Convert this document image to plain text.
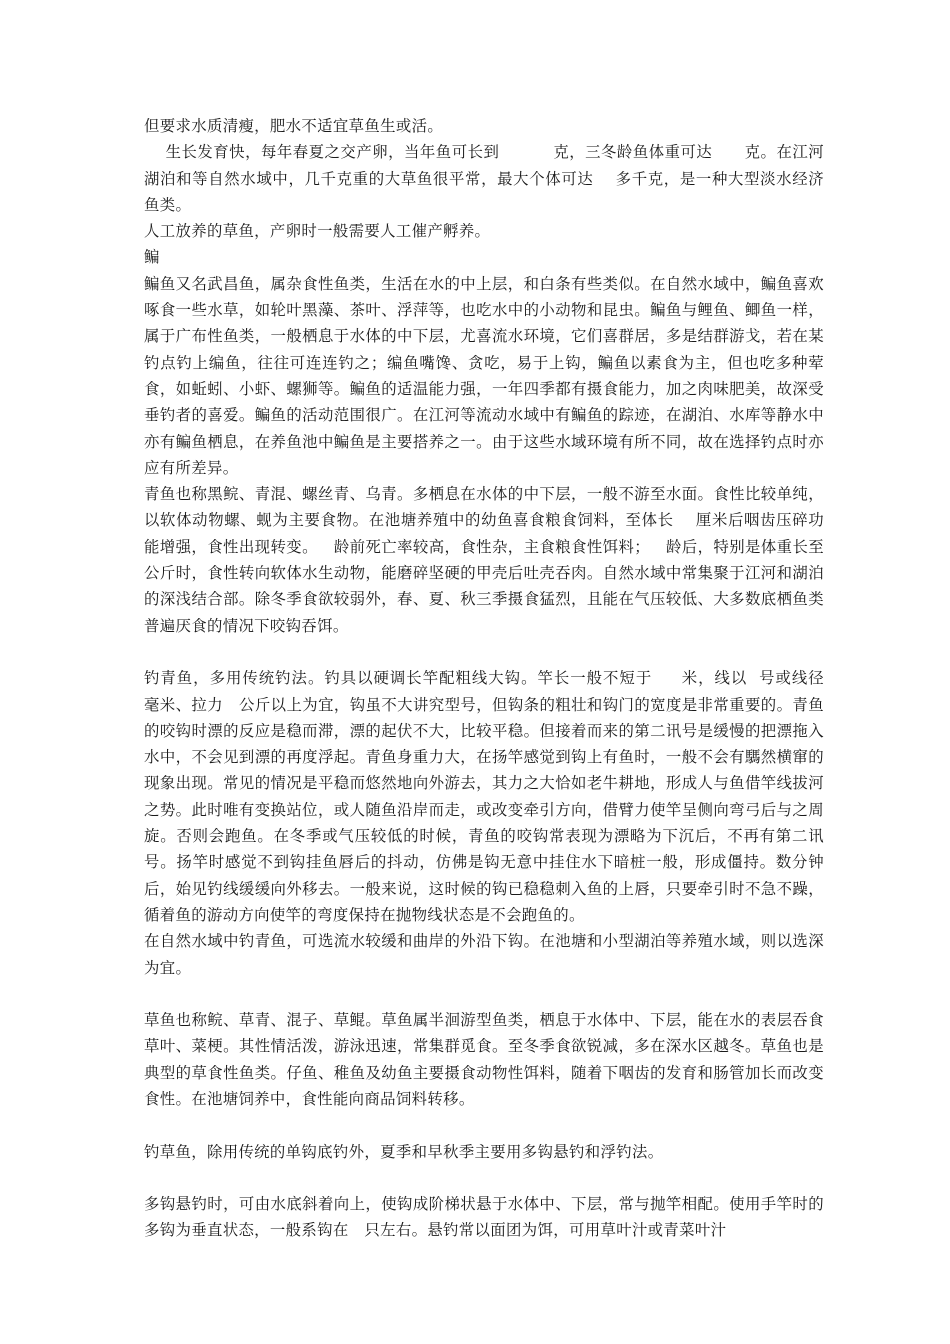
但要求水质清瘦，肥水不适宜草鱼生或活。

生长发育快，每年春夏之交产卵，当年鱼可长到          克，三冬龄鱼体重可达      克。在江河湖泊和等自然水域中，几千克重的大草鱼很平常，最大个体可达    多千克，是一种大型淡水经济鱼类。

人工放养的草鱼，产卵时一般需要人工催产孵养。

鳊

鳊鱼又名武昌鱼，属杂食性鱼类，生活在水的中上层，和白条有些类似。在自然水域中，鳊鱼喜欢啄食一些水草，如轮叶黑藻、茶叶、浮萍等，也吃水中的小动物和昆虫。鳊鱼与鲤鱼、鲫鱼一样，属于广布性鱼类，一般栖息于水体的中下层，尤喜流水环境，它们喜群居，多是结群游戈，若在某钓点钓上编鱼，往往可连连钓之；编鱼嘴馋、贪吃，易于上钩，鳊鱼以素食为主，但也吃多种荤食，如蚯蚓、小虾、螺狮等。鳊鱼的适温能力强，一年四季都有摄食能力，加之肉味肥美，故深受垂钓者的喜爱。鳊鱼的活动范围很广。在江河等流动水域中有鳊鱼的踪迹，在湖泊、水库等静水中亦有鳊鱼栖息，在养鱼池中鳊鱼是主要搭养之一。由于这些水域环境有所不同，故在选择钓点时亦应有所差异。

青鱼也称黑鲩、青混、螺丝青、乌青。多栖息在水体的中下层，一般不游至水面。食性比较单纯，以软体动物螺、蚬为主要食物。在池塘养殖中的幼鱼喜食粮食饲料，至体长    厘米后咽齿压碎功能增强，食性出现转变。   龄前死亡率较高，食性杂，主食粮食性饵料；   龄后，特别是体重长至    公斤时，食性转向软体水生动物，能磨碎坚硬的甲壳后吐壳吞肉。自然水域中常集聚于江河和湖泊的深浅结合部。除冬季食欲较弱外，春、夏、秋三季摄食猛烈，且能在气压较低、大多数底栖鱼类普遍厌食的情况下咬钩吞饵。

钓青鱼，多用传统钓法。钓具以硬调长竿配粗线大钩。竿长一般不短于     米，线以  号或线径      毫米、拉力   公斤以上为宜，钩虽不大讲究型号，但钩条的粗壮和钩门的宽度是非常重要的。青鱼的咬钩时漂的反应是稳而滞，漂的起伏不大，比较平稳。但接着而来的第二讯号是缓慢的把漂拖入水中，不会见到漂的再度浮起。青鱼身重力大，在扬竿感觉到钩上有鱼时，一般不会有騳然横窜的现象出现。常见的情况是平稳而悠然地向外游去，其力之大恰如老牛耕地，形成人与鱼借竿线拔河之势。此时唯有变换站位，或人随鱼沿岸而走，或改变牵引方向，借臂力使竿呈侧向弯弓后与之周旋。否则会跑鱼。在冬季或气压较低的时候，青鱼的咬钩常表现为漂略为下沉后，不再有第二讯号。扬竿时感觉不到钩挂鱼唇后的抖动，仿佛是钩无意中挂住水下暗桩一般，形成僵持。数分钟后，始见钓线缓缓向外移去。一般来说，这时候的钩已稳稳刺入鱼的上唇，只要牵引时不急不躁，循着鱼的游动方向使竿的弯度保持在抛物线状态是不会跑鱼的。

在自然水域中钓青鱼，可选流水较缓和曲岸的外沿下钩。在池塘和小型湖泊等养殖水域，则以选深为宜。

草鱼也称鲩、草青、混子、草鲲。草鱼属半洄游型鱼类，栖息于水体中、下层，能在水的表层吞食草叶、菜梗。其性情活泼，游泳迅速，常集群觅食。至冬季食欲锐减，多在深水区越冬。草鱼也是典型的草食性鱼类。仔鱼、稚鱼及幼鱼主要摄食动物性饵料，随着下咽齿的发育和肠管加长而改变食性。在池塘饲养中，食性能向商品饲料转移。

钓草鱼，除用传统的单钩底钓外，夏季和早秋季主要用多钩悬钓和浮钓法。

多钩悬钓时，可由水底斜着向上，使钩成阶梯状悬于水体中、下层，常与抛竿相配。使用手竿时的多钩为垂直状态，一般系钩在   只左右。悬钓常以面团为饵，可用草叶汁或青菜叶汁
